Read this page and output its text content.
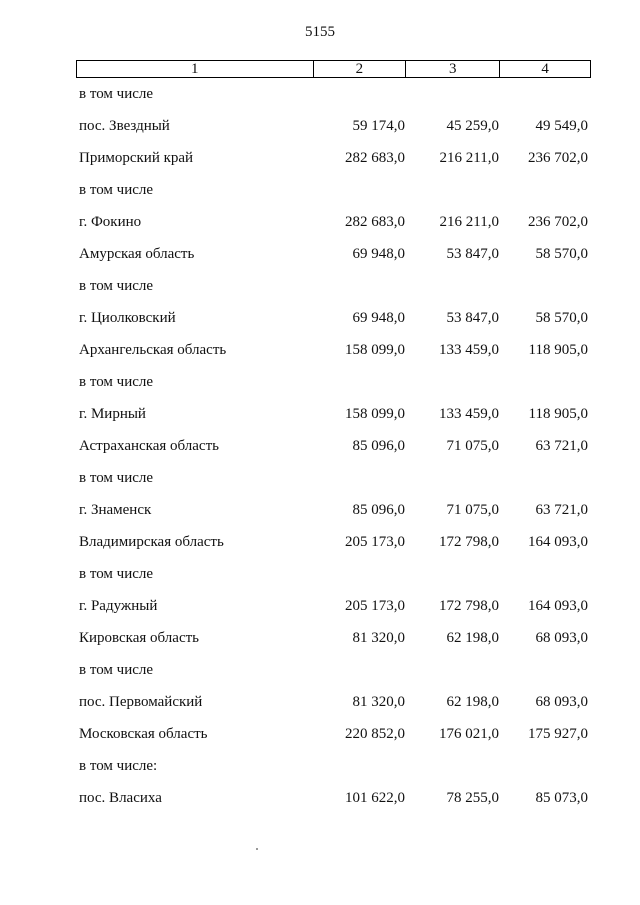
5155
1	2	3	4
в том числе
пос. Звездный	59 174,0	45 259,0	49 549,0
Приморский край	282 683,0	216 211,0	236 702,0
в том числе
г. Фокино	282 683,0	216 211,0	236 702,0
Амурская область	69 948,0	53 847,0	58 570,0
в том числе
г. Циолковский	69 948,0	53 847,0	58 570,0
Архангельская область	158 099,0	133 459,0	118 905,0
в том числе
г. Мирный	158 099,0	133 459,0	118 905,0
Астраханская область	85 096,0	71 075,0	63 721,0
в том числе
г. Знаменск	85 096,0	71 075,0	63 721,0
Владимирская область	205 173,0	172 798,0	164 093,0
в том числе
г. Радужный	205 173,0	172 798,0	164 093,0
Кировская область	81 320,0	62 198,0	68 093,0
в том числе
пос. Первомайский	81 320,0	62 198,0	68 093,0
Московская область	220 852,0	176 021,0	175 927,0
в том числе:
пос. Власиха	101 622,0	78 255,0	85 073,0
